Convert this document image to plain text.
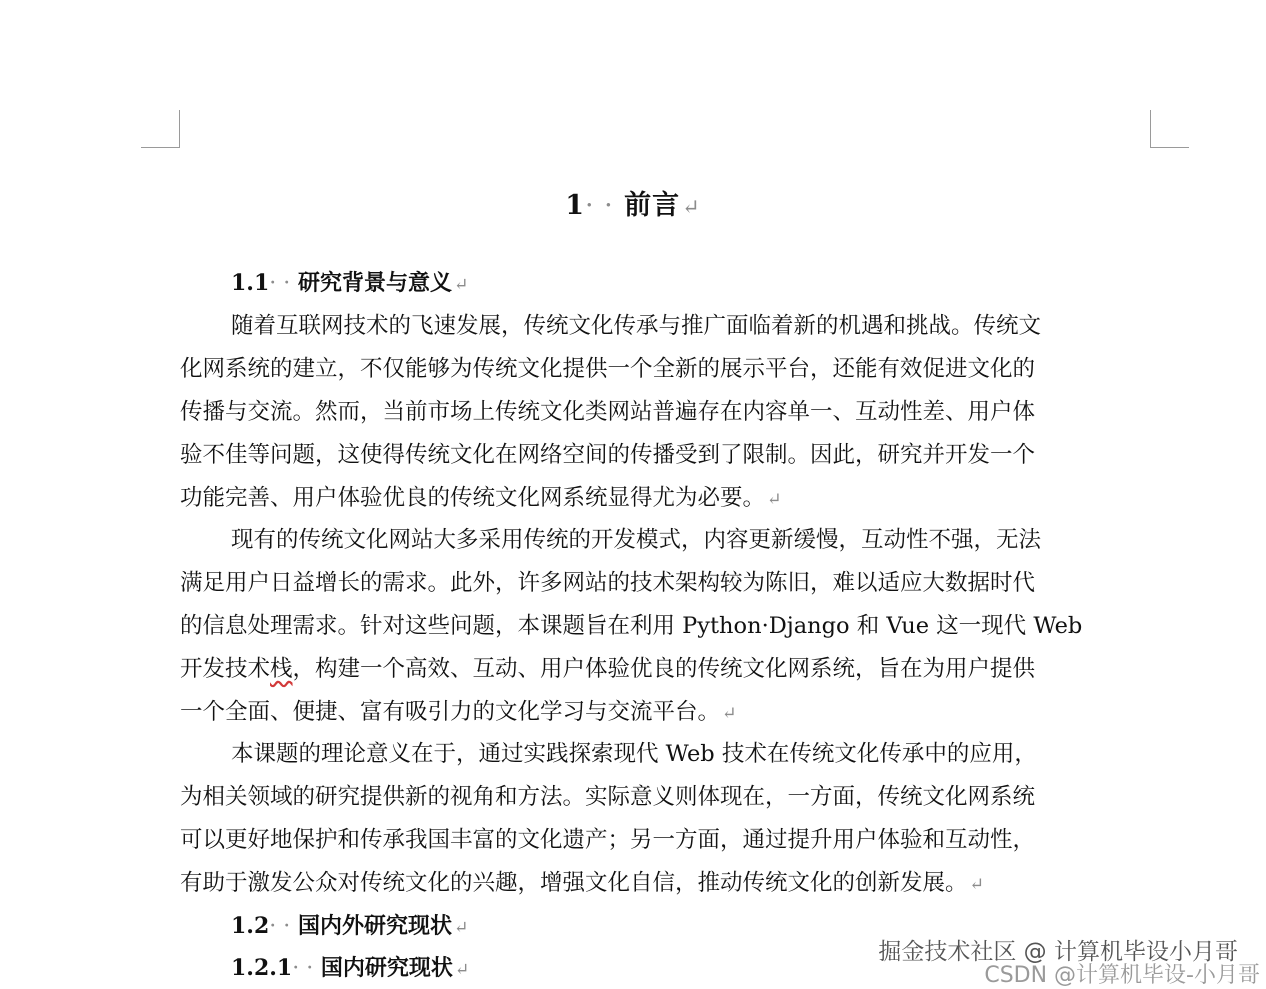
1· · 前言↵
1.1· · 研究背景与意义 ↵
随着互联网技术的飞速发展，传统文化传承与推广面临着新的机遇和挑战。传统文
化网系统的建立，不仅能够为传统文化提供一个全新的展示平台，还能有效促进文化的
传播与交流。然而，当前市场上传统文化类网站普遍存在内容单一、互动性差、用户体
验不佳等问题，这使得传统文化在网络空间的传播受到了限制。因此，研究并开发一个
功能完善、用户体验优良的传统文化网系统显得尤为必要。 ↵
现有的传统文化网站大多采用传统的开发模式，内容更新缓慢，互动性不强，无法
满足用户日益增长的需求。此外，许多网站的技术架构较为陈旧，难以适应大数据时代
的信息处理需求。针对这些问题，本课题旨在利用 Python·Django 和 Vue 这一现代 Web
开发技术栈，构建一个高效、互动、用户体验优良的传统文化网系统，旨在为用户提供
一个全面、便捷、富有吸引力的文化学习与交流平台。 ↵
本课题的理论意义在于，通过实践探索现代 Web 技术在传统文化传承中的应用，
为相关领域的研究提供新的视角和方法。实际意义则体现在，一方面，传统文化网系统
可以更好地保护和传承我国丰富的文化遗产；另一方面，通过提升用户体验和互动性，
有助于激发公众对传统文化的兴趣，增强文化自信，推动传统文化的创新发展。 ↵
1.2· · 国内外研究现状 ↵
1.2.1· · 国内研究现状 ↵
掘金技术社区 @ 计算机毕设小月哥
CSDN @计算机毕设-小月哥
